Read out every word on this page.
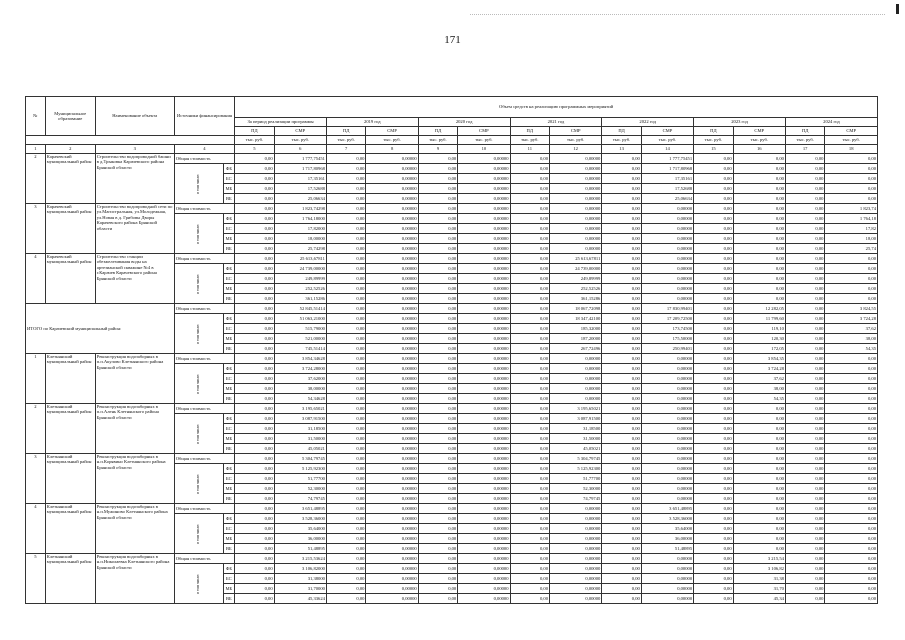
171
№	Муниципальное образование	Наименование объекта	Источники финансирования		Объем средств на реализацию программных мероприятий													
					За период реализации программы		2019 год		2020 год		2021 год		2022 год		2023 год		2024 год	
					ПД	СМР	ПД	СМР	ПД	СМР	ПД	СМР	ПД	СМР	ПД	СМР	ПД	СМР
					тыс. руб.	тыс. руб.	тыс. руб.	тыс. руб.	тыс. руб.	тыс. руб.	тыс. руб.	тыс. руб.	тыс. руб.	тыс. руб.	тыс. руб.	тыс. руб.	тыс. руб.	тыс. руб.
1	2	3	4		5	6	7	8	9	10	11	12	13	14	15	16	17	18
2	Карачевский муниципальный район	Строительство водопроводной башни в д.Трыковка Карачевского района Брянской области	Общая стоимость		0,00	1 777,75451	0,00	0,00000	0,00	0,00000	0,00	0,00000	0,00	1 777,75451	0,00	0,00	0,00	0,00
			в том числе:	ФБ	0,00	1 717,80968	0,00	0,00000	0,00	0,00000	0,00	0,00000	0,00	1 717,80968	0,00	0,00	0,00	0,00
				БС	0,00	17,35161	0,00	0,00000	0,00	0,00000	0,00	0,00000	0,00	17,35161	0,00	0,00	0,00	0,00
				МБ	0,00	17,52688	0,00	0,00000	0,00	0,00000	0,00	0,00000	0,00	17,52688	0,00	0,00	0,00	0,00
				ВБ	0,00	25,06634	0,00	0,00000	0,00	0,00000	0,00	0,00000	0,00	25,06634	0,00	0,00	0,00	0,00
3	Карачевский муниципальный район	Строительство водопроводной сети по ул.Магистральная, ул.Молодежная, ул.Новая в д. Грибовы Дворы Карачевского района Брянской области	Общая стоимость		0,00	1 823,74298	0,00	0,00000	0,00	0,00000	0,00	0,00000	0,00	0,00000	0,00	0,00	0,00	1 823,74
			в том числе:	ФБ	0,00	1 764,18000	0,00	0,00000	0,00	0,00000	0,00	0,00000	0,00	0,00000	0,00	0,00	0,00	1 764,18
				БС	0,00	17,82000	0,00	0,00000	0,00	0,00000	0,00	0,00000	0,00	0,00000	0,00	0,00	0,00	17,82
				МБ	0,00	18,00000	0,00	0,00000	0,00	0,00000	0,00	0,00000	0,00	0,00000	0,00	0,00	0,00	18,00
				ВБ	0,00	25,74298	0,00	0,00000	0,00	0,00000	0,00	0,00000	0,00	0,00000	0,00	0,00	0,00	25,74
4	Карачевский муниципальный район	Строительство станции обезжелезивания воды на артезианской скважине №4 в г.Карачев Карачевского района Брянской области	Общая стоимость		0,00	25 613,67811	0,00	0,00000	0,00	0,00000	0,00	25 613,67811	0,00	0,00000	0,00	0,00	0,00	0,00
			в том числе:	ФБ	0,00	24 739,00000	0,00	0,00000	0,00	0,00000	0,00	24 739,00000	0,00	0,00000	0,00	0,00	0,00	0,00
				БС	0,00	249,89999	0,00	0,00000	0,00	0,00000	0,00	249,89999	0,00	0,00000	0,00	0,00	0,00	0,00
				МБ	0,00	252,52526	0,00	0,00000	0,00	0,00000	0,00	252,52526	0,00	0,00000	0,00	0,00	0,00	0,00
				ВБ	0,00	361,15286	0,00	0,00000	0,00	0,00000	0,00	361,15286	0,00	0,00000	0,00	0,00	0,00	0,00
ИТОГО по Карачевский муниципальный район:			Общая стоимость		0,00	52 845,51414	0,00	0,00000	0,00	0,00000	0,00	18 067,72098	0,00	17 830,99401	0,00	12 282,05	0,00	3 824,55
			в том числе:	ФБ	0,00	51 063,21000	0,00	0,00000	0,00	0,00000	0,00	18 347,42100	0,00	17 209,72500	0,00	11 799,60	0,00	3 724,28
				БС	0,00	515,79000	0,00	0,00000	0,00	0,00000	0,00	185,32000	0,00	173,74500	0,00	119,10	0,00	37,62
				МБ	0,00	521,00000	0,00	0,00000	0,00	0,00000	0,00	187,20000	0,00	175,50000	0,00	120,30	0,00	38,00
				ВБ	0,00	745,51414	0,00	0,00000	0,00	0,00000	0,00	267,72496	0,00	250,99401	0,00	172,05	0,00	54,35
1	Клетнянский муниципальный район	Реконструкция водозаборных в п.п.Акулово Клетнянского района Брянской области	Общая стоимость		0,00	3 854,34628	0,00	0,00000	0,00	0,00000	0,00	0,00000	0,00	0,00000	0,00	3 854,35	0,00	0,00
			в том числе:	ФБ	0,00	3 724,28000	0,00	0,00000	0,00	0,00000	0,00	0,00000	0,00	0,00000	0,00	3 724,28	0,00	0,00
				БС	0,00	37,62000	0,00	0,00000	0,00	0,00000	0,00	0,00000	0,00	0,00000	0,00	37,62	0,00	0,00
				МБ	0,00	38,00000	0,00	0,00000	0,00	0,00000	0,00	0,00000	0,00	0,00000	0,00	38,00	0,00	0,00
				ВБ	0,00	54,34628	0,00	0,00000	0,00	0,00000	0,00	0,00000	0,00	0,00000	0,00	54,35	0,00	0,00
2	Клетнянский муниципальный район	Реконструкция водозаборных в п.п.Алень Клетнянского района Брянской области	Общая стоимость		0,00	3 195,65021	0,00	0,00000	0,00	0,00000	0,00	3 195,65021	0,00	0,00000	0,00	0,00	0,00	0,00
			в том числе:	ФБ	0,00	3 087,91500	0,00	0,00000	0,00	0,00000	0,00	3 087,91500	0,00	0,00000	0,00	0,00	0,00	0,00
				БС	0,00	31,18500	0,00	0,00000	0,00	0,00000	0,00	31,18500	0,00	0,00000	0,00	0,00	0,00	0,00
				МБ	0,00	31,50000	0,00	0,00000	0,00	0,00000	0,00	31,50000	0,00	0,00000	0,00	0,00	0,00	0,00
				ВБ	0,00	45,05021	0,00	0,00000	0,00	0,00000	0,00	45,05021	0,00	0,00000	0,00	0,00	0,00	0,00
3	Клетнянский муниципальный район	Реконструкция водозаборных в н.п.Корявино Клетнянского района Брянской области	Общая стоимость		0,00	5 304,79745	0,00	0,00000	0,00	0,00000	0,00	5 304,79745	0,00	0,00000	0,00	0,00	0,00	0,00
			в том числе:	ФБ	0,00	5 125,92300	0,00	0,00000	0,00	0,00000	0,00	5 125,92300	0,00	0,00000	0,00	0,00	0,00	0,00
				БС	0,00	51,77700	0,00	0,00000	0,00	0,00000	0,00	51,77700	0,00	0,00000	0,00	0,00	0,00	0,00
				МБ	0,00	52,30000	0,00	0,00000	0,00	0,00000	0,00	52,30000	0,00	0,00000	0,00	0,00	0,00	0,00
				ВБ	0,00	74,79745	0,00	0,00000	0,00	0,00000	0,00	74,79745	0,00	0,00000	0,00	0,00	0,00	0,00
4	Клетнянский муниципальный район	Реконструкция водозаборных в н.п.Мужиново Клетнянского района Брянской области	Общая стоимость		0,00	3 651,48895	0,00	0,00000	0,00	0,00000	0,00	0,00000	0,00	3 651,48895	0,00	0,00	0,00	0,00
			в том числе:	ФБ	0,00	3 528,36000	0,00	0,00000	0,00	0,00000	0,00	0,00000	0,00	3 528,36000	0,00	0,00	0,00	0,00
				БС	0,00	35,64000	0,00	0,00000	0,00	0,00000	0,00	0,00000	0,00	35,64000	0,00	0,00	0,00	0,00
				МБ	0,00	36,00000	0,00	0,00000	0,00	0,00000	0,00	0,00000	0,00	36,00000	0,00	0,00	0,00	0,00
				ВБ	0,00	51,48895	0,00	0,00000	0,00	0,00000	0,00	0,00000	0,00	51,48895	0,00	0,00	0,00	0,00
5	Клетнянский муниципальный район	Реконструкция водозаборных в н.п.Николаевка Клетнянского района Брянской области	Общая стоимость		0,00	3 215,53624	0,00	0,00000	0,00	0,00000	0,00	0,00000	0,00	0,00000	0,00	3 215,54	0,00	0,00
			в том числе:	ФБ	0,00	3 106,82000	0,00	0,00000	0,00	0,00000	0,00	0,00000	0,00	0,00000	0,00	3 106,82	0,00	0,00
				БС	0,00	31,38000	0,00	0,00000	0,00	0,00000	0,00	0,00000	0,00	0,00000	0,00	31,38	0,00	0,00
				МБ	0,00	31,70000	0,00	0,00000	0,00	0,00000	0,00	0,00000	0,00	0,00000	0,00	31,70	0,00	0,00
				ВБ	0,00	45,33624	0,00	0,00000	0,00	0,00000	0,00	0,00000	0,00	0,00000	0,00	45,34	0,00	0,00
